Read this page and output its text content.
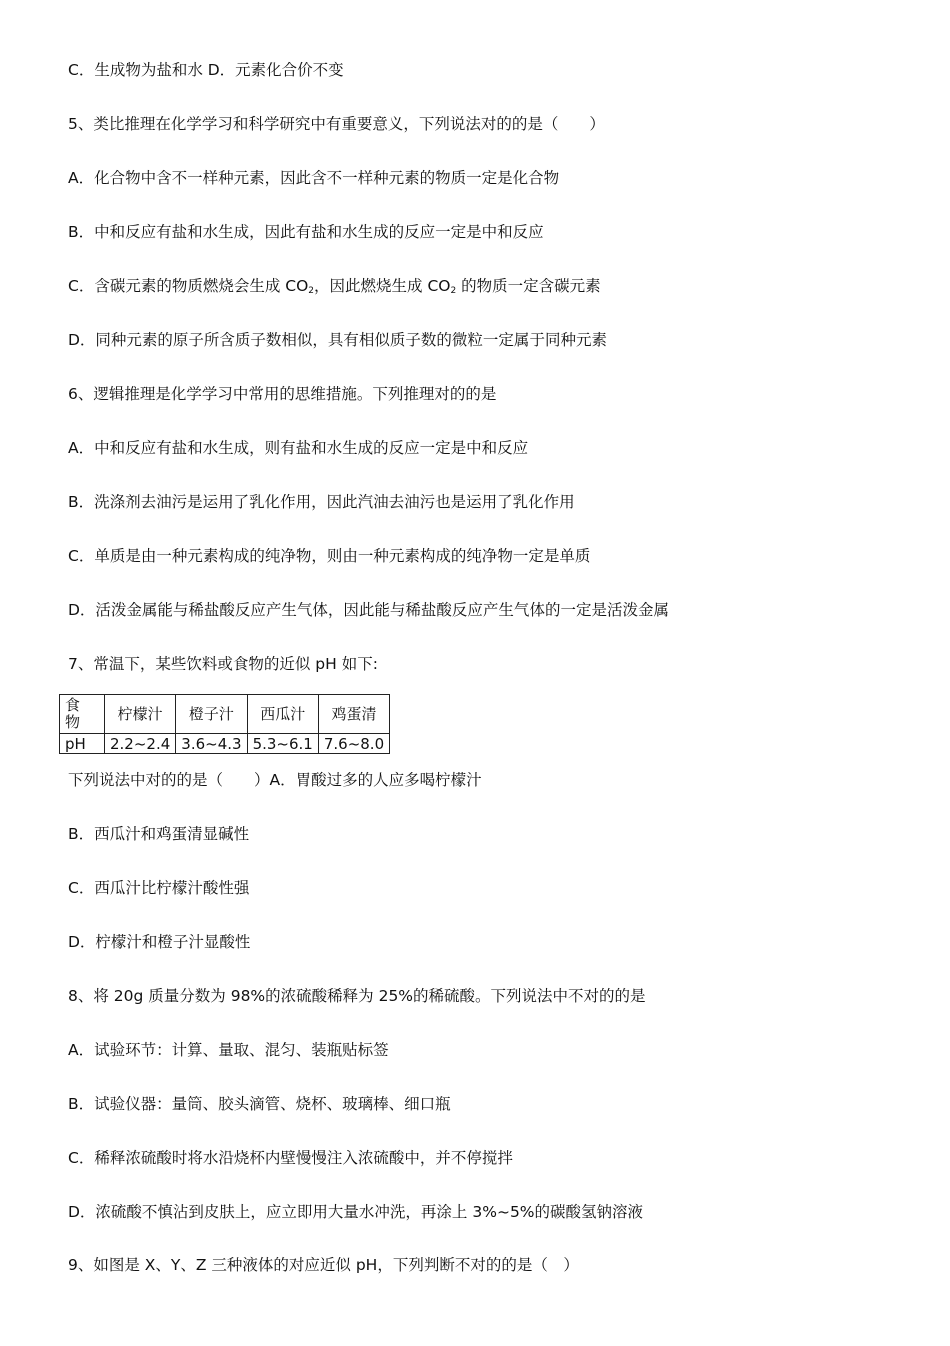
C．生成物为盐和水 D．元素化合价不变
5、类比推理在化学学习和科学研究中有重要意义，下列说法对的的是（　　）
A．化合物中含不一样种元素，因此含不一样种元素的物质一定是化合物
B．中和反应有盐和水生成，因此有盐和水生成的反应一定是中和反应
C．含碳元素的物质燃烧会生成 $CO_2$，因此燃烧生成 $CO_2$ 的物质一定含碳元素
D．同种元素的原子所含质子数相似，具有相似质子数的微粒一定属于同种元素
6、逻辑推理是化学学习中常用的思维措施。下列推理对的的是
A．中和反应有盐和水生成，则有盐和水生成的反应一定是中和反应
B．洗涤剂去油污是运用了乳化作用，因此汽油去油污也是运用了乳化作用
C．单质是由一种元素构成的纯净物，则由一种元素构成的纯净物一定是单质
D．活泼金属能与稀盐酸反应产生气体，因此能与稀盐酸反应产生气体的一定是活泼金属
7、常温下，某些饮料或食物的近似 pH 如下:
食
物	柠檬汁	橙子汁	西瓜汁	鸡蛋清
pH	2.2~2.4	3.6~4.3	5.3~6.1	7.6~8.0
下列说法中对的的是（　　）A．胃酸过多的人应多喝柠檬汁
B．西瓜汁和鸡蛋清显碱性
C．西瓜汁比柠檬汁酸性强
D．柠檬汁和橙子汁显酸性
8、将 20g 质量分数为 98%的浓硫酸稀释为 25%的稀硫酸。下列说法中不对的的是
A．试验环节：计算、量取、混匀、装瓶贴标签
B．试验仪器：量筒、胶头滴管、烧杯、玻璃棒、细口瓶
C．稀释浓硫酸时将水沿烧杯内壁慢慢注入浓硫酸中，并不停搅拌
D．浓硫酸不慎沾到皮肤上，应立即用大量水冲洗，再涂上 3%~5%的碳酸氢钠溶液
9、如图是 X、Y、Z 三种液体的对应近似 pH，下列判断不对的的是（　）
